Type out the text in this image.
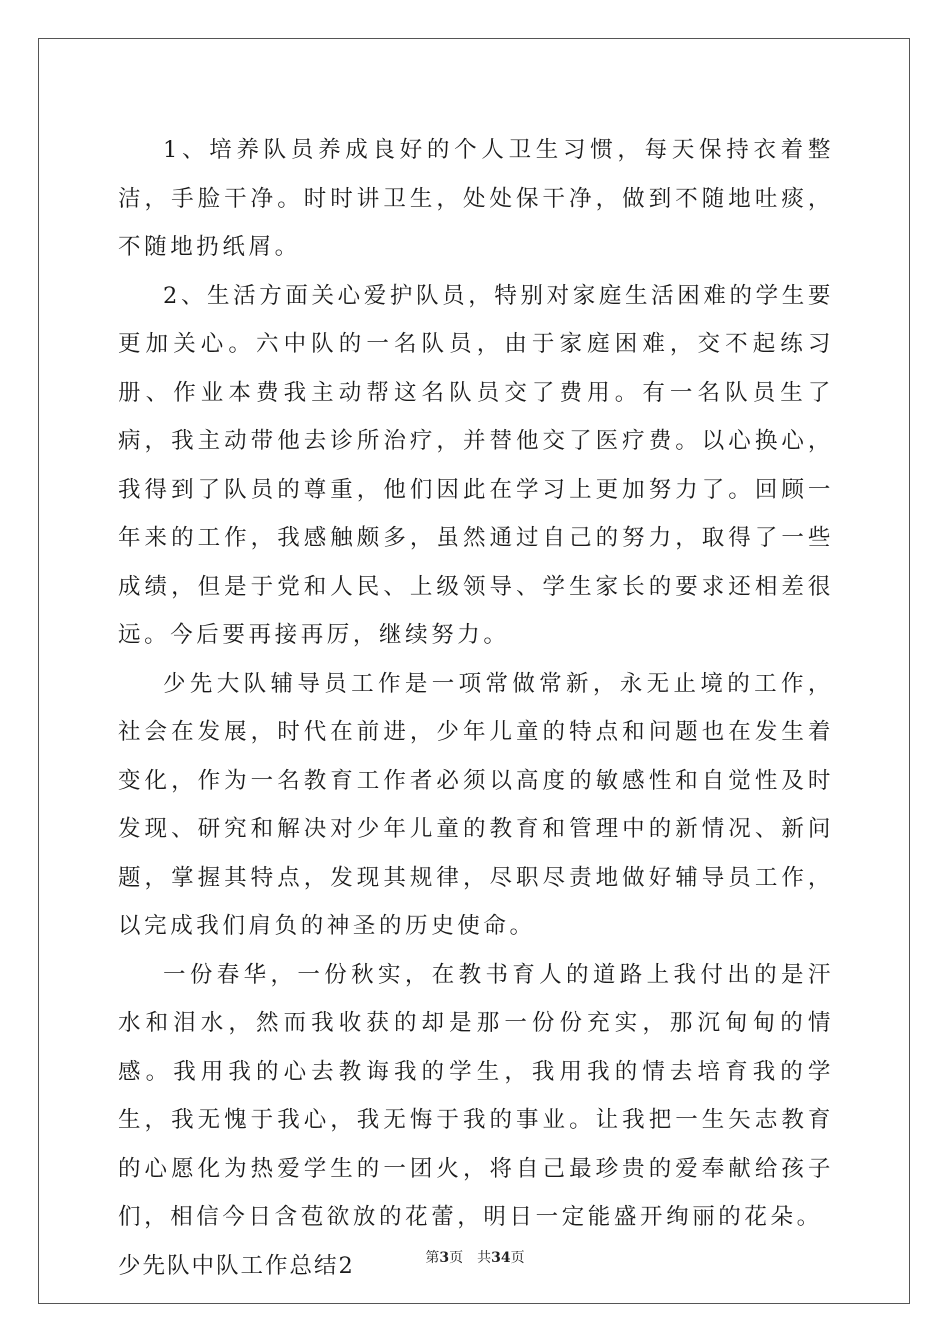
1、培养队员养成良好的个人卫生习惯，每天保持衣着整洁，手脸干净。时时讲卫生，处处保干净，做到不随地吐痰，不随地扔纸屑。

2、生活方面关心爱护队员，特别对家庭生活困难的学生要更加关心。六中队的一名队员，由于家庭困难，交不起练习册、作业本费我主动帮这名队员交了费用。有一名队员生了病，我主动带他去诊所治疗，并替他交了医疗费。以心换心，我得到了队员的尊重，他们因此在学习上更加努力了。回顾一年来的工作，我感触颇多，虽然通过自己的努力，取得了一些成绩，但是于党和人民、上级领导、学生家长的要求还相差很远。今后要再接再厉，继续努力。

少先大队辅导员工作是一项常做常新，永无止境的工作，社会在发展，时代在前进，少年儿童的特点和问题也在发生着变化，作为一名教育工作者必须以高度的敏感性和自觉性及时发现、研究和解决对少年儿童的教育和管理中的新情况、新问题，掌握其特点，发现其规律，尽职尽责地做好辅导员工作，以完成我们肩负的神圣的历史使命。

一份春华，一份秋实，在教书育人的道路上我付出的是汗水和泪水，然而我收获的却是那一份份充实，那沉甸甸的情感。我用我的心去教诲我的学生，我用我的情去培育我的学生，我无愧于我心，我无悔于我的事业。让我把一生矢志教育的心愿化为热爱学生的一团火，将自己最珍贵的爱奉献给孩子们，相信今日含苞欲放的花蕾，明日一定能盛开绚丽的花朵。

少先队中队工作总结2	第3页 共34页
